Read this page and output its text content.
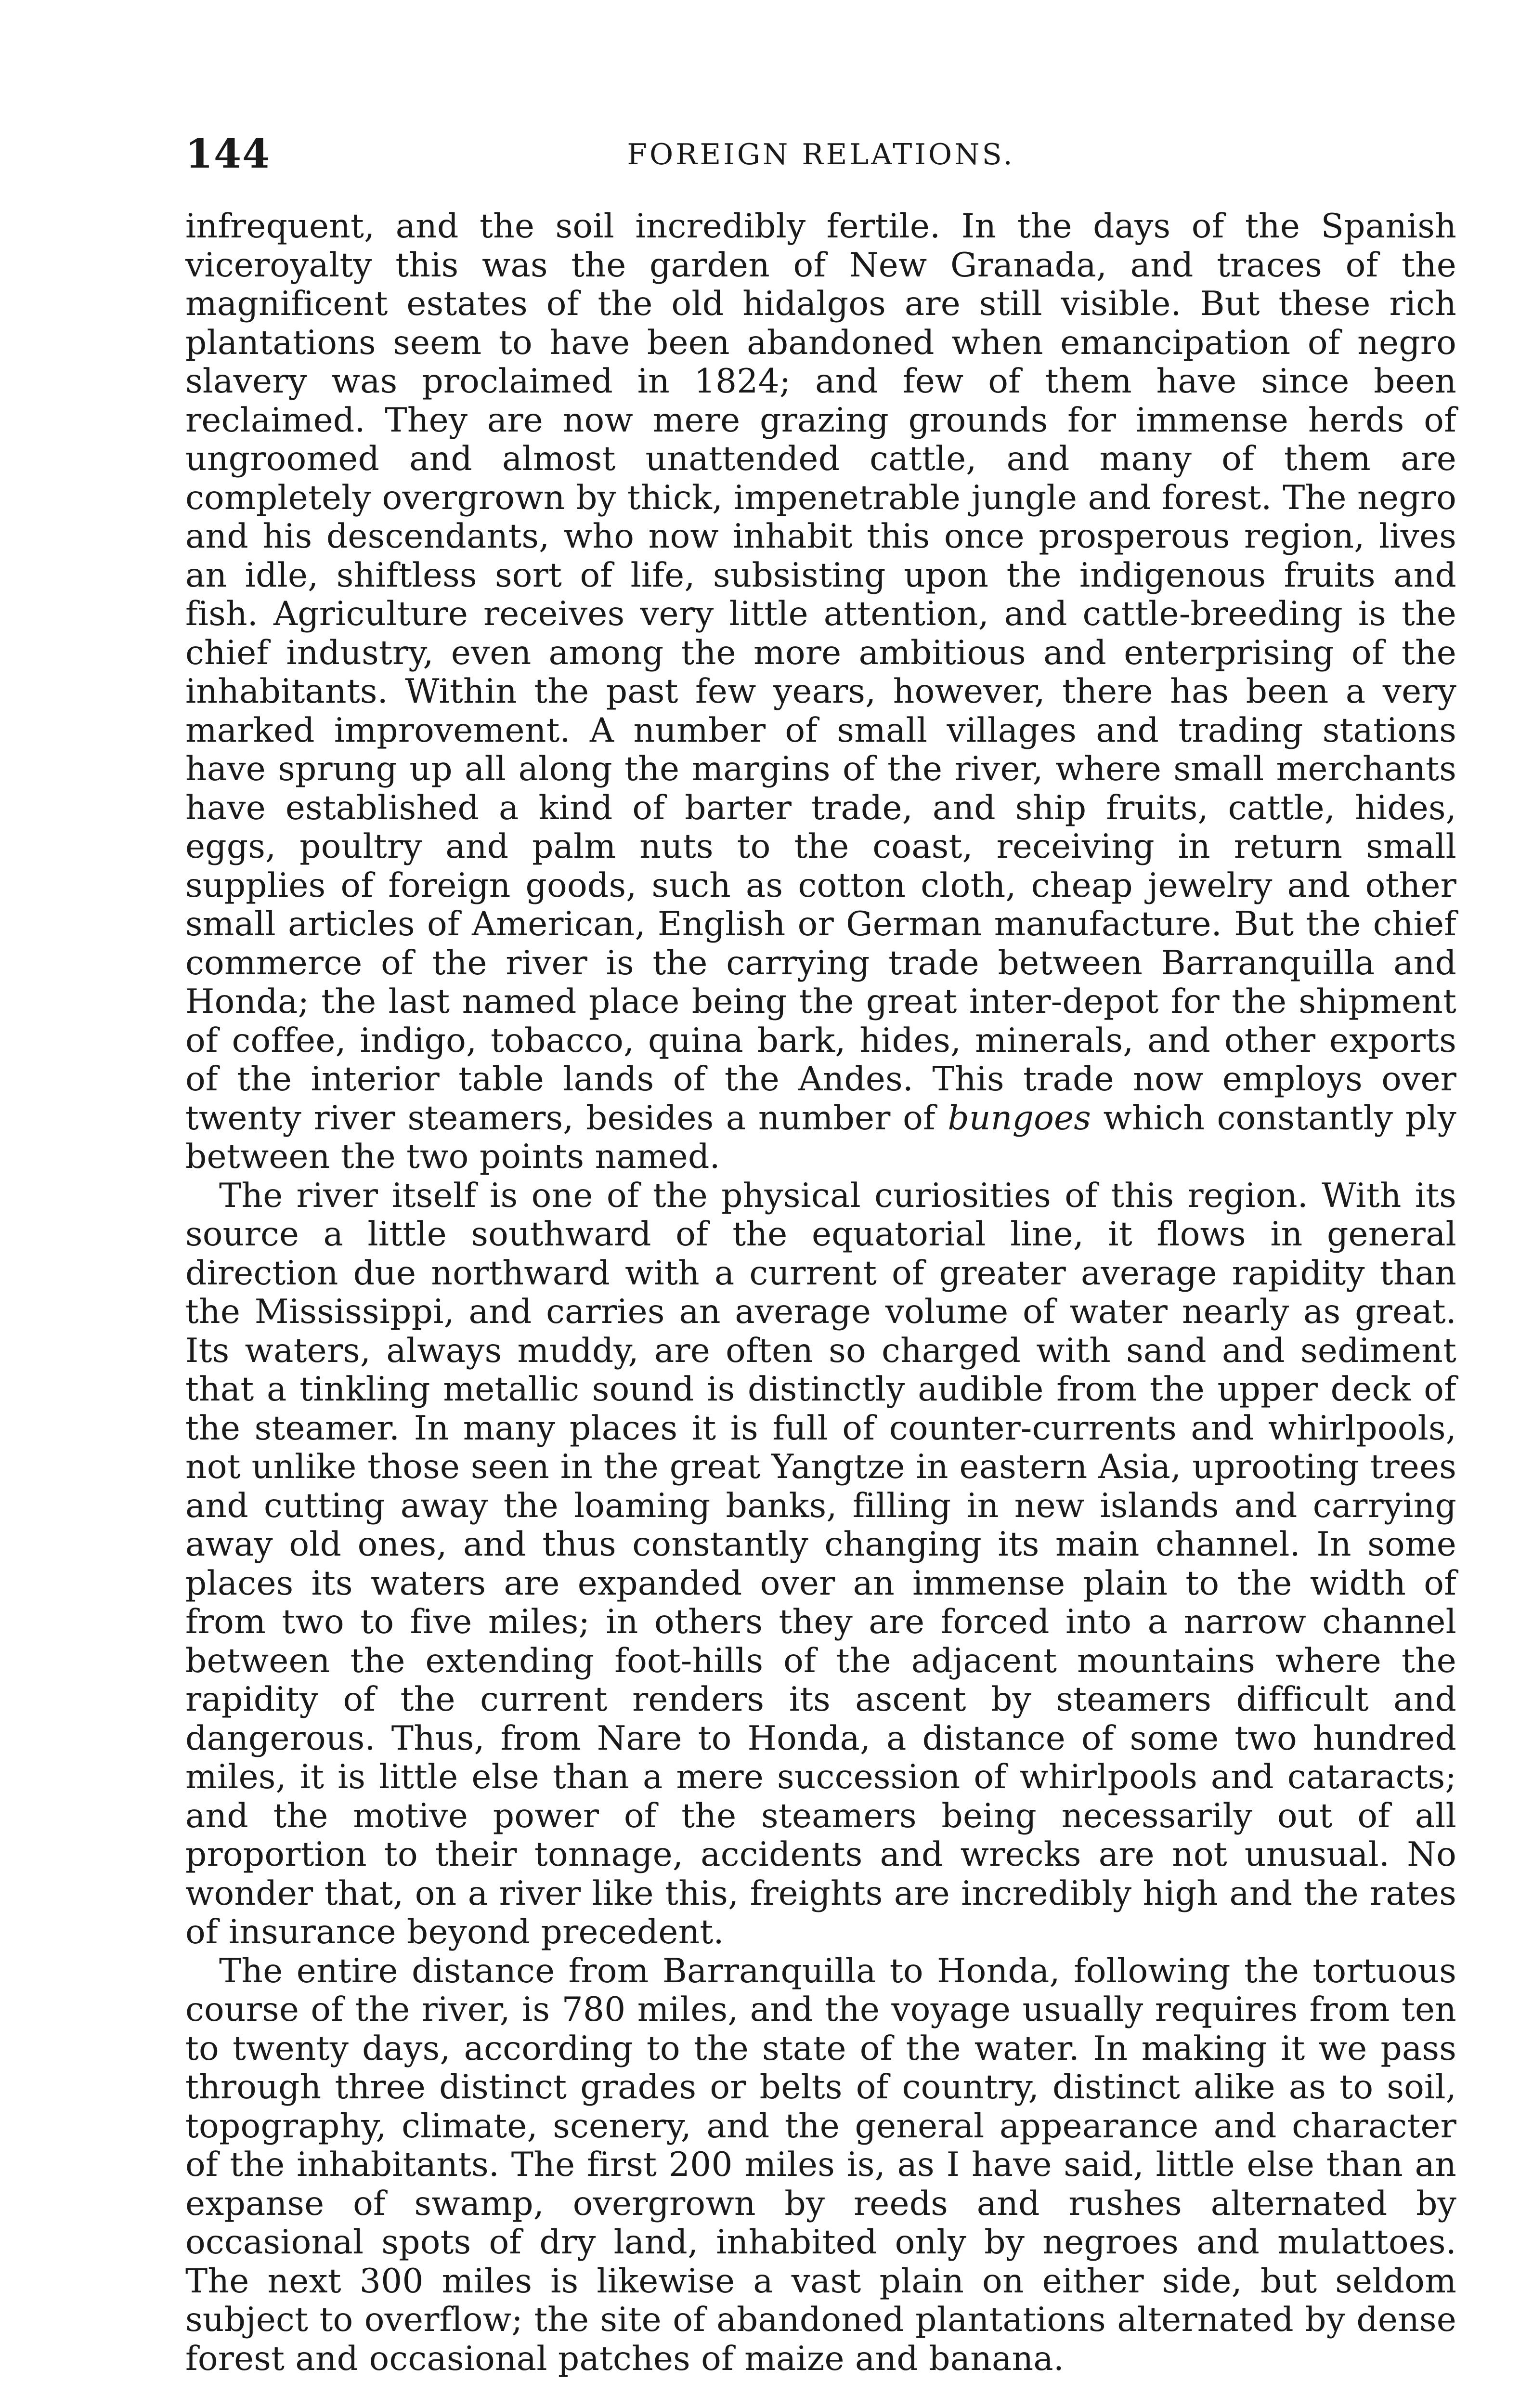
144	FOREIGN RELATIONS.

infrequent, and the soil incredibly fertile. In the days of the Spanish viceroyalty this was the garden of New Granada, and traces of the magnificent estates of the old hidalgos are still visible. But these rich plantations seem to have been abandoned when emancipation of negro slavery was proclaimed in 1824; and few of them have since been reclaimed. They are now mere grazing grounds for immense herds of ungroomed and almost unattended cattle, and many of them are completely overgrown by thick, impenetrable jungle and forest. The negro and his descendants, who now inhabit this once prosperous region, lives an idle, shiftless sort of life, subsisting upon the indigenous fruits and fish. Agriculture receives very little attention, and cattle-breeding is the chief industry, even among the more ambitious and enterprising of the inhabitants. Within the past few years, however, there has been a very marked improvement. A number of small villages and trading stations have sprung up all along the margins of the river, where small merchants have established a kind of barter trade, and ship fruits, cattle, hides, eggs, poultry and palm nuts to the coast, receiving in return small supplies of foreign goods, such as cotton cloth, cheap jewelry and other small articles of American, English or German manufacture. But the chief commerce of the river is the carrying trade between Barranquilla and Honda; the last named place being the great inter-depot for the shipment of coffee, indigo, tobacco, quina bark, hides, minerals, and other exports of the interior table lands of the Andes. This trade now employs over twenty river steamers, besides a number of bungoes which constantly ply between the two points named.

The river itself is one of the physical curiosities of this region. With its source a little southward of the equatorial line, it flows in general direction due northward with a current of greater average rapidity than the Mississippi, and carries an average volume of water nearly as great. Its waters, always muddy, are often so charged with sand and sediment that a tinkling metallic sound is distinctly audible from the upper deck of the steamer. In many places it is full of counter-currents and whirlpools, not unlike those seen in the great Yangtze in eastern Asia, uprooting trees and cutting away the loaming banks, filling in new islands and carrying away old ones, and thus constantly changing its main channel. In some places its waters are expanded over an immense plain to the width of from two to five miles; in others they are forced into a narrow channel between the extending foot-hills of the adjacent mountains where the rapidity of the current renders its ascent by steamers difficult and dangerous. Thus, from Nare to Honda, a distance of some two hundred miles, it is little else than a mere succession of whirlpools and cataracts; and the motive power of the steamers being necessarily out of all proportion to their tonnage, accidents and wrecks are not unusual. No wonder that, on a river like this, freights are incredibly high and the rates of insurance beyond precedent.

The entire distance from Barranquilla to Honda, following the tortuous course of the river, is 780 miles, and the voyage usually requires from ten to twenty days, according to the state of the water. In making it we pass through three distinct grades or belts of country, distinct alike as to soil, topography, climate, scenery, and the general appearance and character of the inhabitants. The first 200 miles is, as I have said, little else than an expanse of swamp, overgrown by reeds and rushes alternated by occasional spots of dry land, inhabited only by negroes and mulattoes. The next 300 miles is likewise a vast plain on either side, but seldom subject to overflow; the site of abandoned plantations alternated by dense forest and occasional patches of maize and banana.
